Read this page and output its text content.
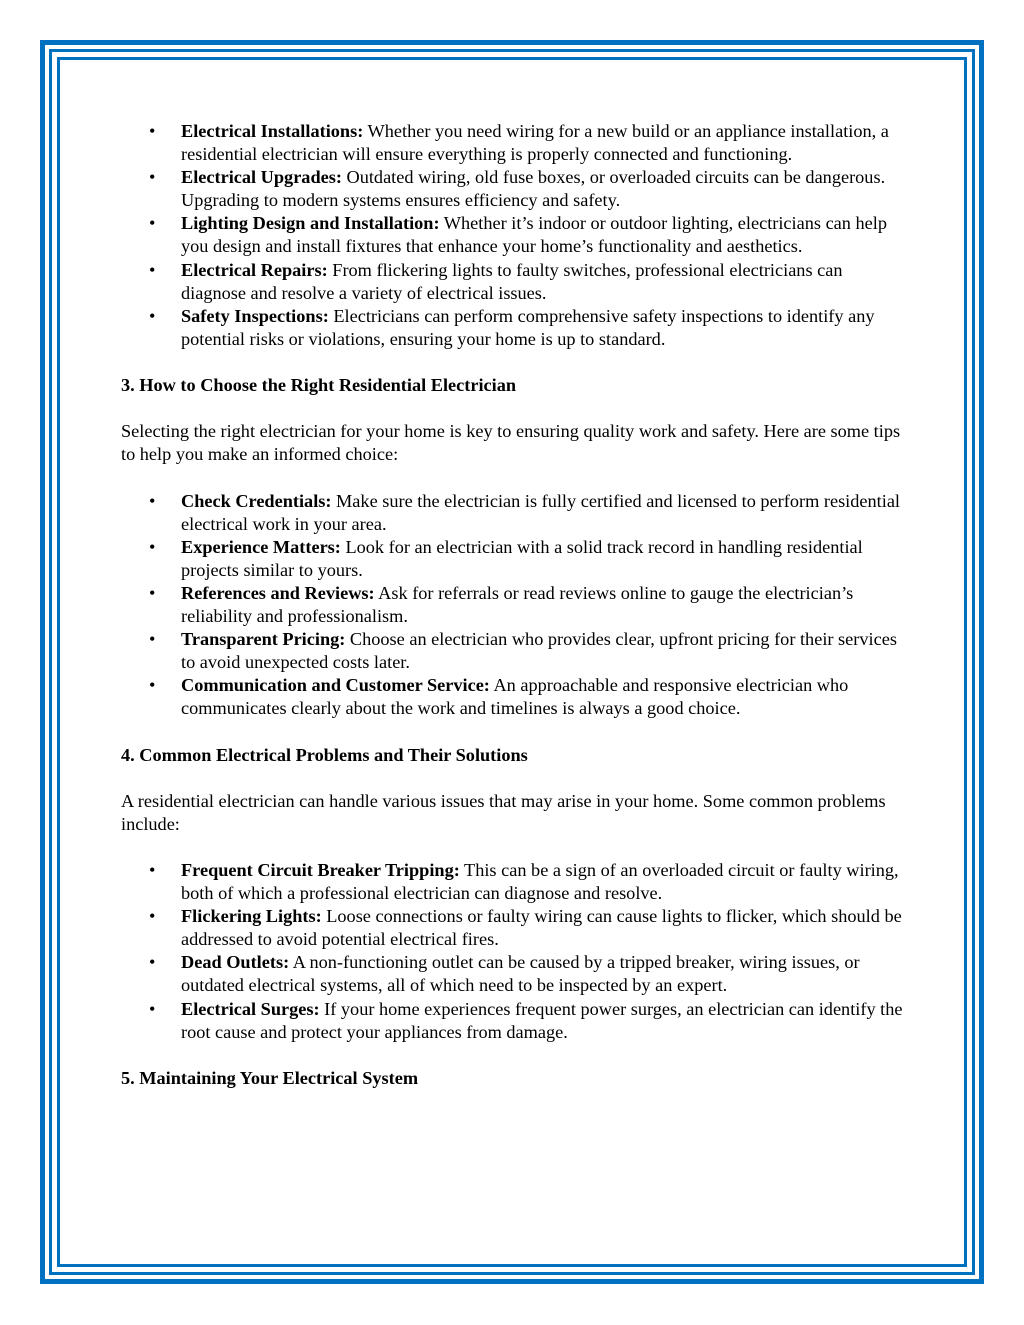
• Electrical Installations: Whether you need wiring for a new build or an appliance installation, a residential electrician will ensure everything is properly connected and functioning.
• Electrical Upgrades: Outdated wiring, old fuse boxes, or overloaded circuits can be dangerous. Upgrading to modern systems ensures efficiency and safety.
• Lighting Design and Installation: Whether it’s indoor or outdoor lighting, electricians can help you design and install fixtures that enhance your home’s functionality and aesthetics.
• Electrical Repairs: From flickering lights to faulty switches, professional electricians can diagnose and resolve a variety of electrical issues.
• Safety Inspections: Electricians can perform comprehensive safety inspections to identify any potential risks or violations, ensuring your home is up to standard.
3. How to Choose the Right Residential Electrician

Selecting the right electrician for your home is key to ensuring quality work and safety. Here are some tips to help you make an informed choice:

• Check Credentials: Make sure the electrician is fully certified and licensed to perform residential electrical work in your area.
• Experience Matters: Look for an electrician with a solid track record in handling residential projects similar to yours.
• References and Reviews: Ask for referrals or read reviews online to gauge the electrician’s reliability and professionalism.
• Transparent Pricing: Choose an electrician who provides clear, upfront pricing for their services to avoid unexpected costs later.
• Communication and Customer Service: An approachable and responsive electrician who communicates clearly about the work and timelines is always a good choice.
4. Common Electrical Problems and Their Solutions

A residential electrician can handle various issues that may arise in your home. Some common problems include:

• Frequent Circuit Breaker Tripping: This can be a sign of an overloaded circuit or faulty wiring, both of which a professional electrician can diagnose and resolve.
• Flickering Lights: Loose connections or faulty wiring can cause lights to flicker, which should be addressed to avoid potential electrical fires.
• Dead Outlets: A non-functioning outlet can be caused by a tripped breaker, wiring issues, or outdated electrical systems, all of which need to be inspected by an expert.
• Electrical Surges: If your home experiences frequent power surges, an electrician can identify the root cause and protect your appliances from damage.
5. Maintaining Your Electrical System
